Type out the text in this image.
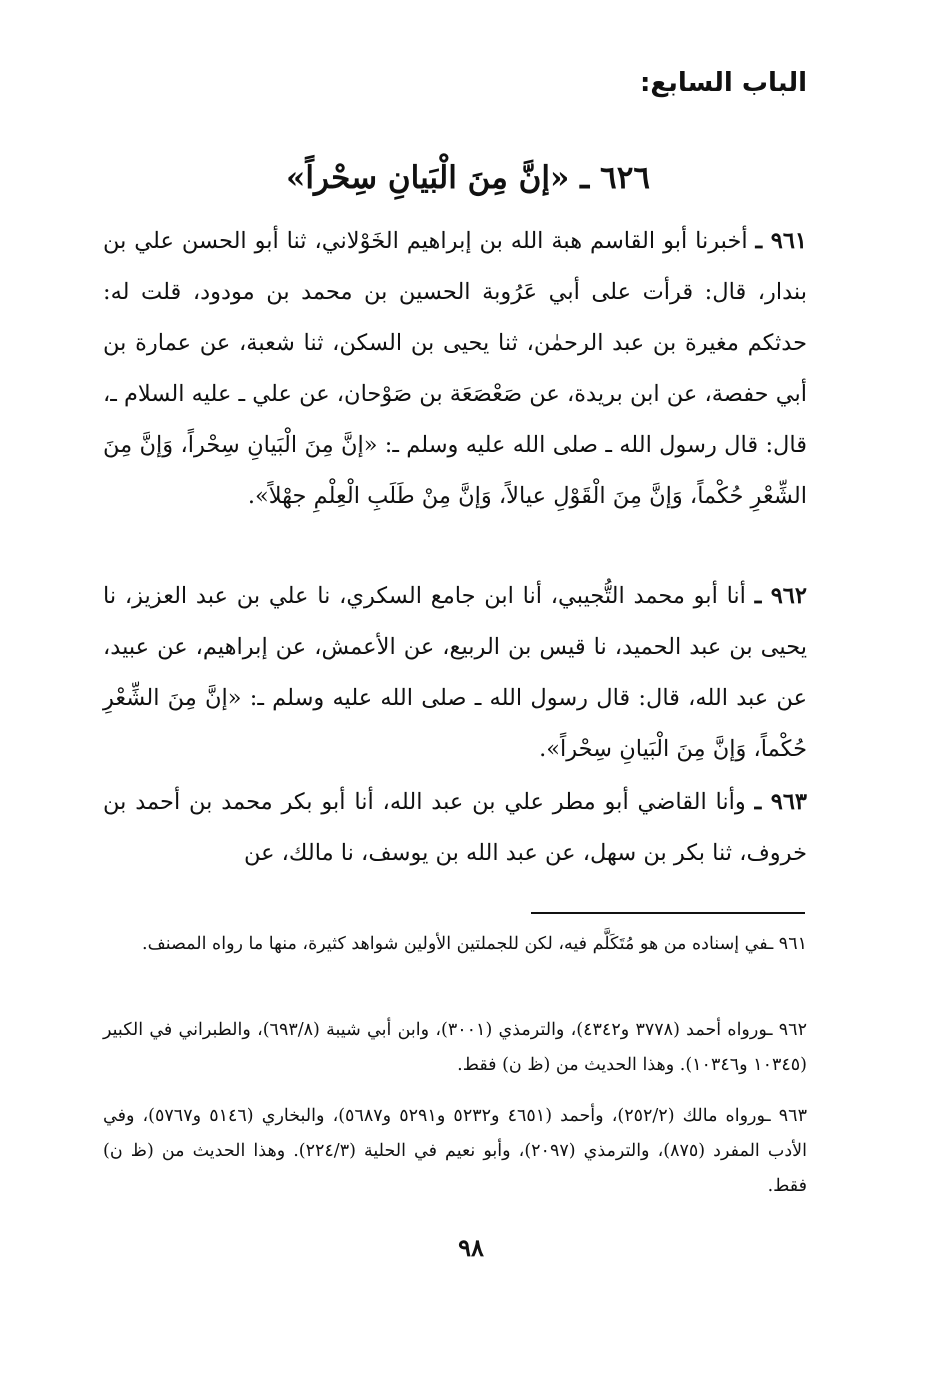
الباب السابع:
٦٢٦ ـ «إنَّ مِنَ الْبَيانِ سِحْراً»

٩٦١ ـ أخبرنا أبو القاسم هبة الله بن إبراهيم الخَوْلاني، ثنا أبو الحسن علي بن بندار، قال: قرأت على أبي عَرُوبة الحسين بن محمد بن مودود، قلت له: حدثكم مغيرة بن عبد الرحمٰن، ثنا يحيى بن السكن، ثنا شعبة، عن عمارة بن أبي حفصة، عن ابن بريدة، عن صَعْصَعَة بن صَوْحان، عن علي ـ عليه السلام ـ، قال: قال رسول الله ـ صلى الله عليه وسلم ـ: «إنَّ مِنَ الْبَيانِ سِحْراً، وَإنَّ مِنَ الشِّعْرِ حُكْماً، وَإنَّ مِنَ الْقَوْلِ عيالاً، وَإنَّ مِنْ طَلَبِ الْعِلْمِ جهْلاً».

٩٦٢ ـ أنا أبو محمد التُّجيبي، أنا ابن جامع السكري، نا علي بن عبد العزيز، نا يحيى بن عبد الحميد، نا قيس بن الربيع، عن الأعمش، عن إبراهيم، عن عبيد، عن عبد الله، قال: قال رسول الله ـ صلى الله عليه وسلم ـ: «إنَّ مِنَ الشِّعْرِ حُكْماً، وَإنَّ مِنَ الْبَيانِ سِحْراً».

٩٦٣ ـ وأنا القاضي أبو مطر علي بن عبد الله، أنا أبو بكر محمد بن أحمد بن خروف، ثنا بكر بن سهل، عن عبد الله بن يوسف، نا مالك، عن

٩٦١ ـفي إسناده من هو مُتَكَلَّم فيه، لكن للجملتين الأولين شواهد كثيرة، منها ما رواه المصنف.
٩٦٢ ـورواه أحمد (٣٧٧٨ و٤٣٤٢)، والترمذي (٣٠٠١)، وابن أبي شيبة (٦٩٣/٨)، والطبراني في الكبير (١٠٣٤٥ و١٠٣٤٦). وهذا الحديث من (ظ ن) فقط.
٩٦٣ ـورواه مالك (٢٥٢/٢)، وأحمد (٤٦٥١ و٥٢٣٢ و٥٢٩١ و٥٦٨٧)، والبخاري (٥١٤٦ و٥٧٦٧)، وفي الأدب المفرد (٨٧٥)، والترمذي (٢٠٩٧)، وأبو نعيم في الحلية (٢٢٤/٣). وهذا الحديث من (ظ ن) فقط.
٩٨
